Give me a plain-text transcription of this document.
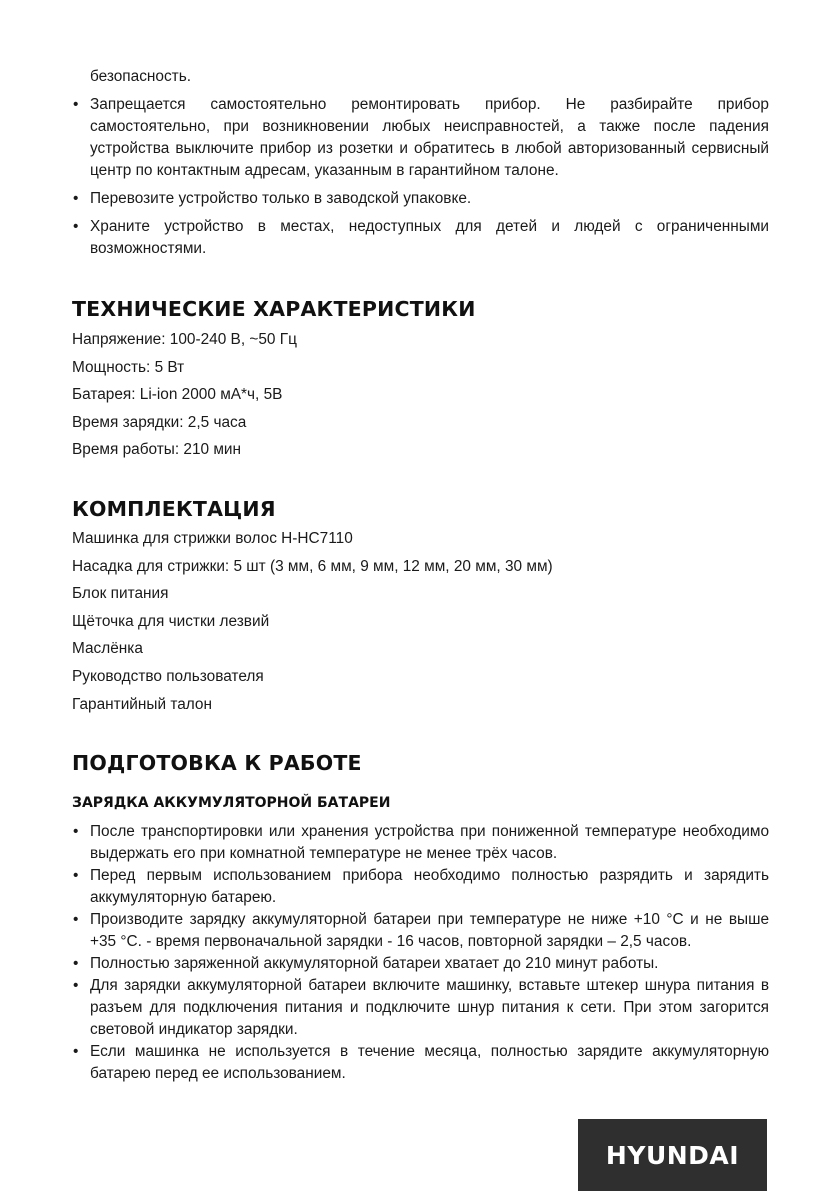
безопасность.

• Запрещается самостоятельно ремонтировать прибор. Не разбирайте прибор самостоятельно, при возникновении любых неисправностей, а также после падения устройства выключите прибор из розетки и обратитесь в любой авторизованный сервисный центр по контактным адресам, указанным в гарантийном талоне.
• Перевозите устройство только в заводской упаковке.
• Храните устройство в местах, недоступных для детей и людей с ограниченными возможностями.
ТЕХНИЧЕСКИЕ ХАРАКТЕРИСТИКИ
Напряжение: 100-240 В, ~50 Гц
Мощность: 5 Вт
Батарея: Li-ion 2000 мА*ч, 5В
Время зарядки: 2,5 часа
Время работы: 210 мин
КОМПЛЕКТАЦИЯ
Машинка для стрижки волос H-HC7110
Насадка для стрижки: 5 шт (3 мм, 6 мм, 9 мм, 12 мм, 20 мм, 30 мм)
Блок питания
Щёточка для чистки лезвий
Маслёнка
Руководство пользователя
Гарантийный талон
ПОДГОТОВКА К РАБОТЕ
ЗАРЯДКА АККУМУЛЯТОРНОЙ БАТАРЕИ
• После транспортировки или хранения устройства при пониженной температуре необходимо выдержать его при комнатной температуре не менее трёх часов.
• Перед первым использованием прибора необходимо полностью разрядить и зарядить аккумуляторную батарею.
• Производите зарядку аккумуляторной батареи при температуре не ниже +10 °С и не выше +35 °С. - время первоначальной зарядки - 16 часов, повторной зарядки – 2,5 часов.
• Полностью заряженной аккумуляторной батареи хватает до 210 минут работы.
• Для зарядки аккумуляторной батареи включите машинку, вставьте штекер шнура питания в разъем для подключения питания и подключите шнур питания к сети. При этом загорится световой индикатор зарядки.
• Если машинка не используется в течение месяца, полностью зарядите аккумуляторную батарею перед ее использованием.
HYUNDAI
